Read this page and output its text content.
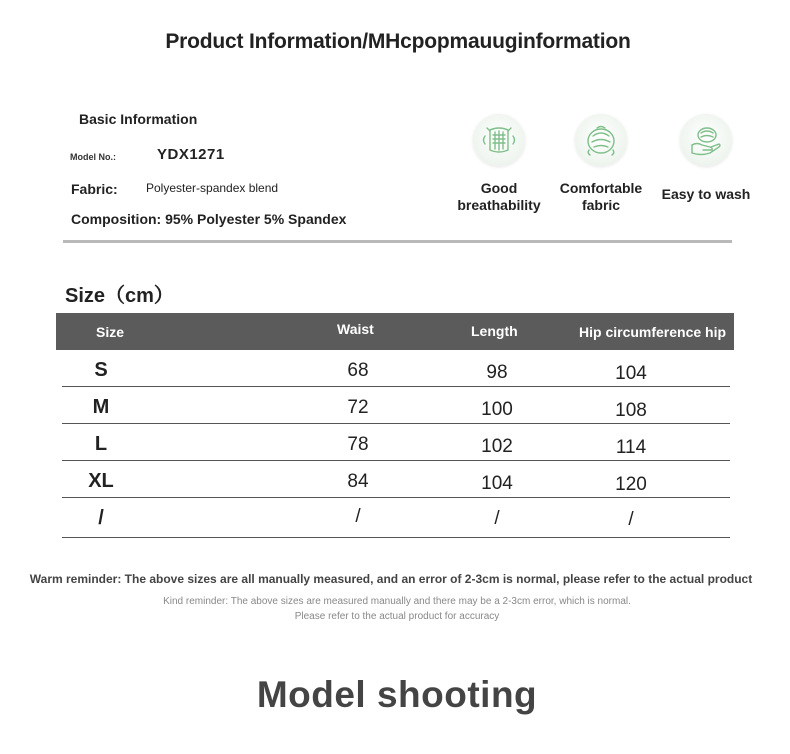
Product Information/MHcpopmauuginformation
Basic Information
Model No.:	YDX1271
Fabric: Polyester-spandex blend
Composition: 95% Polyester 5% Spandex
Good
breathability
Comfortable
fabric
Easy to wash
Size（cm）
Size	Waist	Length	Hip circumference hip
S	68	98	104
M	72	100	108
L	78	102	114
XL	84	104	120
/	/	/	/
Warm reminder: The above sizes are all manually measured, and an error of 2-3cm is normal, please refer to the actual product
Kind reminder: The above sizes are measured manually and there may be a 2-3cm error, which is normal.
Please refer to the actual product for accuracy
Model shooting
